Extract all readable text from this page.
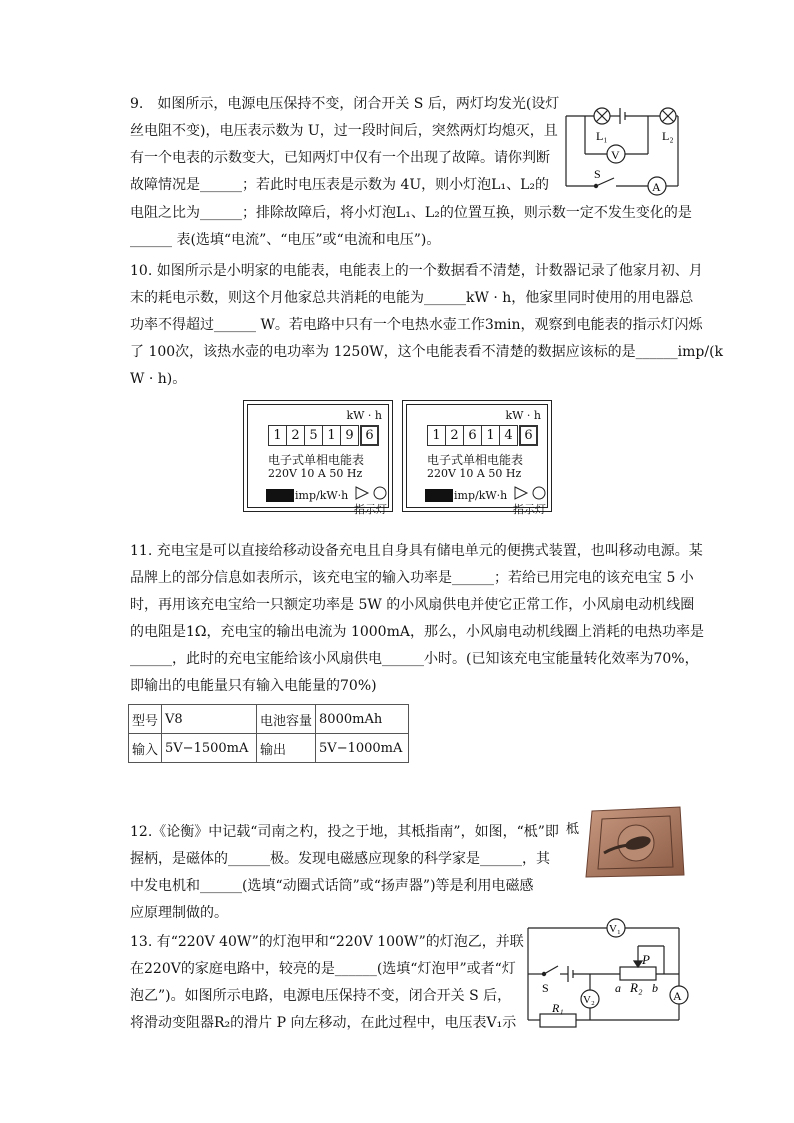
9.　如图所示，电源电压保持不变，闭合开关 S 后，两灯均发光(设灯
丝电阻不变)，电压表示数为 U，过一段时间后，突然两灯均熄灭，且
有一个电表的示数变大，已知两灯中仅有一个出现了故障。请你判断
故障情况是______；若此时电压表是示数为 4U，则小灯泡L₁、L₂的
电阻之比为______；排除故障后，将小灯泡L₁、L₂的位置互换，则示数一定不发生变化的是
______ 表(选填“电流”、“电压”或“电流和电压”)。
L₁	L₂
V
S
A
10. 如图所示是小明家的电能表，电能表上的一个数据看不清楚，计数器记录了他家月初、月
末的耗电示数，则这个月他家总共消耗的电能为______kW · h，他家里同时使用的用电器总
功率不得超过______ W。若电路中只有一个电热水壶工作3min，观察到电能表的指示灯闪烁
了 100次，该热水壶的电功率为 1250W，这个电能表看不清楚的数据应该标的是______imp/(k
W · h)。
kW · h
1 2 5 1 9 6
电子式单相电能表
220V 10 A 50 Hz
imp/kW·h
指示灯
kW · h
1 2 6 1 4 6
电子式单相电能表
220V 10 A 50 Hz
imp/kW·h
指示灯
11. 充电宝是可以直接给移动设备充电且自身具有储电单元的便携式装置，也叫移动电源。某
品牌上的部分信息如表所示，该充电宝的输入功率是______；若给已用完电的该充电宝 5 小
时，再用该充电宝给一只额定功率是 5W 的小风扇供电并使它正常工作，小风扇电动机线圈
的电阻是1Ω，充电宝的输出电流为 1000mA，那么，小风扇电动机线圈上消耗的电热功率是
______，此时的充电宝能给该小风扇供电______小时。(已知该充电宝能量转化效率为70%，
即输出的电能量只有输入电能量的70%)
型号	V8	电池容量	8000mAh
输入	5V−1500mA	输出	5V−1000mA
12.《论衡》中记载“司南之杓，投之于地，其柢指南”，如图，“柢”即
握柄，是磁体的______极。发现电磁感应现象的科学家是______，其
中发电机和______(选填“动圈式话筒”或“扬声器”)等是利用电磁感
应原理制做的。
柢
13. 有“220V 40W”的灯泡甲和“220V 100W”的灯泡乙，并联
在220V的家庭电路中，较亮的是______(选填“灯泡甲”或者“灯
泡乙”)。如图所示电路，电源电压保持不变，闭合开关 S 后，
将滑动变阻器R₂的滑片 P 向左移动，在此过程中，电压表V₁示
V₁
P
a R₂ b
A
V₂
S
R₁
